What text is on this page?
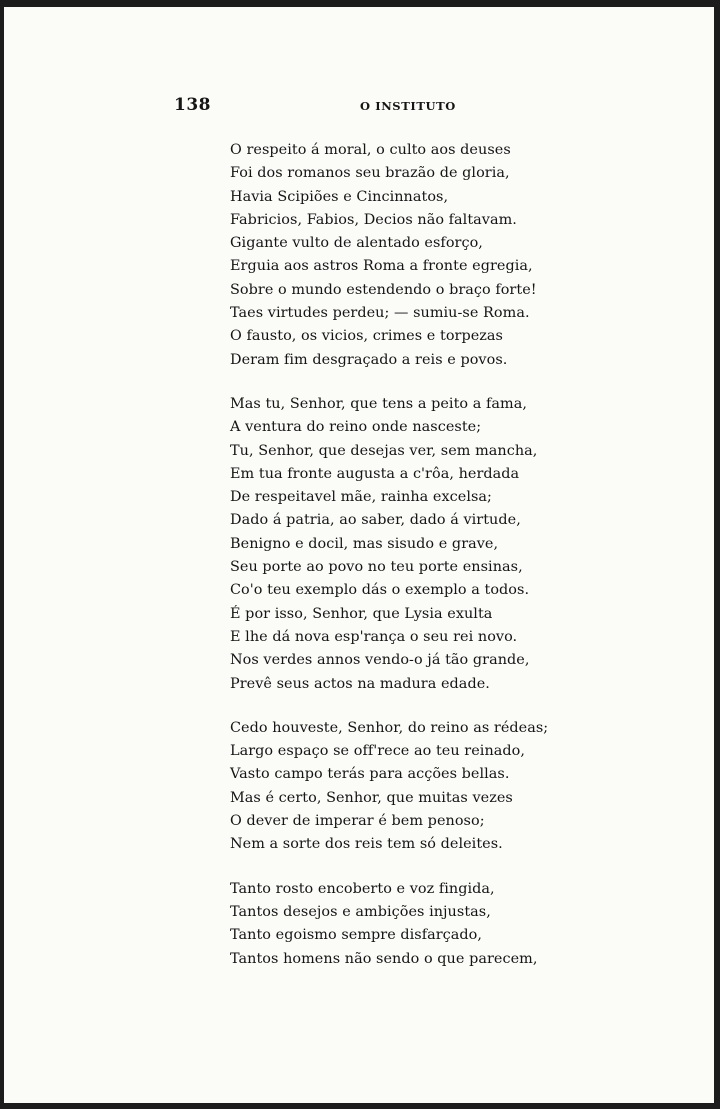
138	O INSTITUTO
O respeito á moral, o culto aos deuses
Foi dos romanos seu brazão de gloria,
Havia Scipiões e Cincinnatos,
Fabricios, Fabios, Decios não faltavam.
Gigante vulto de alentado esforço,
Erguia aos astros Roma a fronte egregia,
Sobre o mundo estendendo o braço forte!
Taes virtudes perdeu; — sumiu-se Roma.
O fausto, os vicios, crimes e torpezas
Deram fim desgraçado a reis e povos.
Mas tu, Senhor, que tens a peito a fama,
A ventura do reino onde nasceste;
Tu, Senhor, que desejas ver, sem mancha,
Em tua fronte augusta a c'rôa, herdada
De respeitavel mãe, rainha excelsa;
Dado á patria, ao saber, dado á virtude,
Benigno e docil, mas sisudo e grave,
Seu porte ao povo no teu porte ensinas,
Co'o teu exemplo dás o exemplo a todos.
É por isso, Senhor, que Lysia exulta
E lhe dá nova esp'rança o seu rei novo.
Nos verdes annos vendo-o já tão grande,
Prevê seus actos na madura edade.
Cedo houveste, Senhor, do reino as rédeas;
Largo espaço se off'rece ao teu reinado,
Vasto campo terás para acções bellas.
Mas é certo, Senhor, que muitas vezes
O dever de imperar é bem penoso;
Nem a sorte dos reis tem só deleites.
Tanto rosto encoberto e voz fingida,
Tantos desejos e ambições injustas,
Tanto egoismo sempre disfarçado,
Tantos homens não sendo o que parecem,
